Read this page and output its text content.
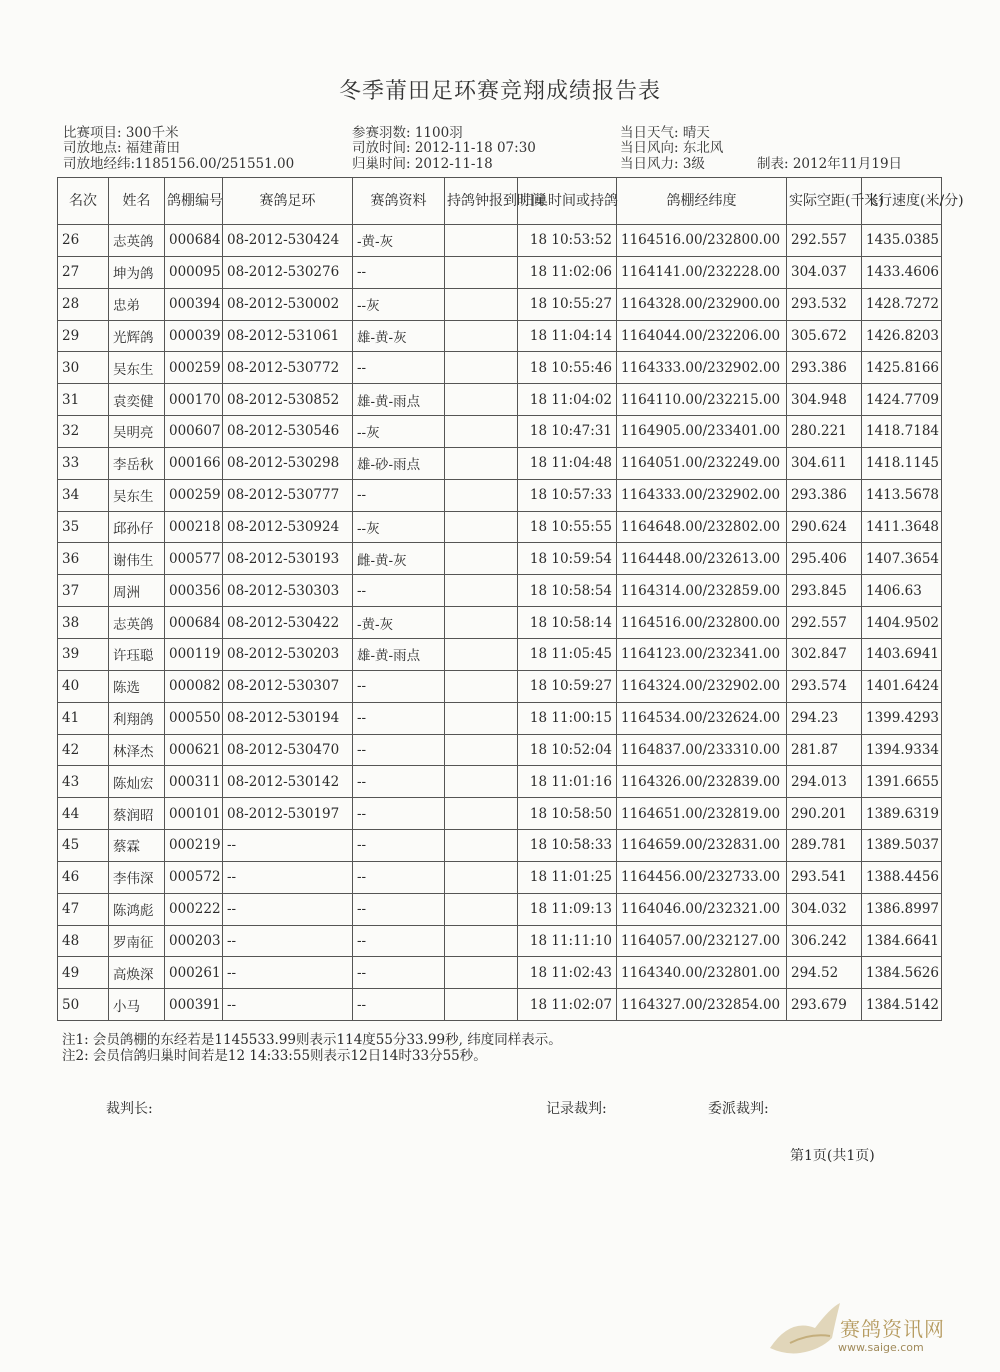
冬季莆田足环赛竞翔成绩报告表
比赛项目: 300千米
司放地点: 福建莆田
司放地经纬:1185156.00/251551.00
参赛羽数: 1100羽
司放时间: 2012-11-18 07:30
归巢时间: 2012-11-18
当日天气: 晴天
当日风向: 东北风
当日风力: 3级	制表: 2012年11月19日
名次	姓名	鸽棚编号	赛鸽足环	赛鸽资料	持鸽钟报到时间	归巢时间或持鸽	鸽棚经纬度	实际空距(千米)	飞行速度(米/分)
26	志英鸽	000684	08-2012-530424	-黄-灰		18 10:53:52	1164516.00/232800.00	292.557	1435.0385
27	坤为鸽	000095	08-2012-530276	--		18 11:02:06	1164141.00/232228.00	304.037	1433.4606
28	忠弟	000394	08-2012-530002	--灰		18 10:55:27	1164328.00/232900.00	293.532	1428.7272
29	光辉鸽	000039	08-2012-531061	雄-黄-灰		18 11:04:14	1164044.00/232206.00	305.672	1426.8203
30	吴东生	000259	08-2012-530772	--		18 10:55:46	1164333.00/232902.00	293.386	1425.8166
31	袁奕健	000170	08-2012-530852	雄-黄-雨点		18 11:04:02	1164110.00/232215.00	304.948	1424.7709
32	吴明亮	000607	08-2012-530546	--灰		18 10:47:31	1164905.00/233401.00	280.221	1418.7184
33	李岳秋	000166	08-2012-530298	雄-砂-雨点		18 11:04:48	1164051.00/232249.00	304.611	1418.1145
34	吴东生	000259	08-2012-530777	--		18 10:57:33	1164333.00/232902.00	293.386	1413.5678
35	邱孙仔	000218	08-2012-530924	--灰		18 10:55:55	1164648.00/232802.00	290.624	1411.3648
36	谢伟生	000577	08-2012-530193	雌-黄-灰		18 10:59:54	1164448.00/232613.00	295.406	1407.3654
37	周洲	000356	08-2012-530303	--		18 10:58:54	1164314.00/232859.00	293.845	1406.63
38	志英鸽	000684	08-2012-530422	-黄-灰		18 10:58:14	1164516.00/232800.00	292.557	1404.9502
39	许珏聪	000119	08-2012-530203	雄-黄-雨点		18 11:05:45	1164123.00/232341.00	302.847	1403.6941
40	陈选	000082	08-2012-530307	--		18 10:59:27	1164324.00/232902.00	293.574	1401.6424
41	利翔鸽	000550	08-2012-530194	--		18 11:00:15	1164534.00/232624.00	294.23	1399.4293
42	林泽杰	000621	08-2012-530470	--		18 10:52:04	1164837.00/233310.00	281.87	1394.9334
43	陈灿宏	000311	08-2012-530142	--		18 11:01:16	1164326.00/232839.00	294.013	1391.6655
44	蔡润昭	000101	08-2012-530197	--		18 10:58:50	1164651.00/232819.00	290.201	1389.6319
45	蔡霖	000219	--	--		18 10:58:33	1164659.00/232831.00	289.781	1389.5037
46	李伟深	000572	--	--		18 11:01:25	1164456.00/232733.00	293.541	1388.4456
47	陈鸿彪	000222	--	--		18 11:09:13	1164046.00/232321.00	304.032	1386.8997
48	罗南征	000203	--	--		18 11:11:10	1164057.00/232127.00	306.242	1384.6641
49	高焕深	000261	--	--		18 11:02:43	1164340.00/232801.00	294.52	1384.5626
50	小马	000391	--	--		18 11:02:07	1164327.00/232854.00	293.679	1384.5142
注1: 会员鸽棚的东经若是1145533.99则表示114度55分33.99秒, 纬度同样表示。
注2: 会员信鸽归巢时间若是12 14:33:55则表示12日14时33分55秒。
裁判长:	记录裁判:	委派裁判:
第1页(共1页)
赛鸽资讯网
www.saige.com
